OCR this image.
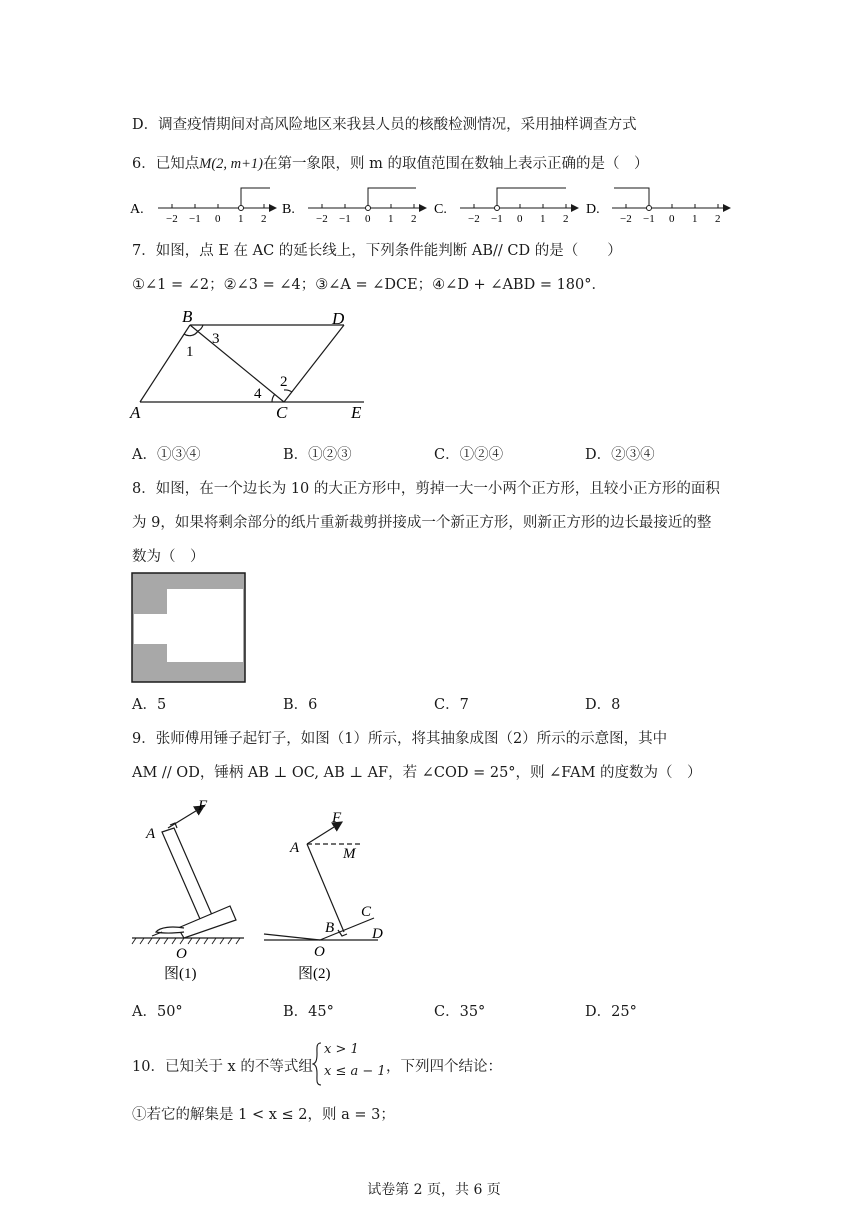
D．调查疫情期间对高风险地区来我县人员的核酸检测情况，采用抽样调查方式
6．已知点M(2, m+1)在第一象限，则 m 的取值范围在数轴上表示正确的是（　）
A.
−2 −1 0 1 2
B.
−2 −1 0 1 2
C.
−2 −1 0 1 2
D.
−2 −1 0 1 2
7．如图，点 E 在 AC 的延长线上，下列条件能判断 AB// CD 的是（　　）
①∠1 = ∠2；②∠3 = ∠4；③∠A = ∠DCE；④∠D + ∠ABD = 180°．
B	D
A	C	E
1
3
4
2
A．①③④	B．①②③	C．①②④	D．②③④
8．如图，在一个边长为 10 的大正方形中，剪掉一大一小两个正方形，且较小正方形的面积
为 9，如果将剩余部分的纸片重新裁剪拼接成一个新正方形，则新正方形的边长最接近的整
数为（　）
A．5	B．6	C．7	D．8
9．张师傅用锤子起钉子，如图（1）所示，将其抽象成图（2）所示的示意图，其中
AM // OD，锤柄 AB ⊥ OC, AB ⊥ AF，若 ∠COD = 25°，则 ∠FAM 的度数为（　）
F
A
O
图(1)
F
A	M
B
C
D
O
图(2)
A．50°	B．45°	C．35°	D．25°
10．已知关于 x 的不等式组
x > 1
x ≤ a − 1 ，下列四个结论：
①若它的解集是 1 < x ≤ 2，则 a = 3；
试卷第 2 页，共 6 页
